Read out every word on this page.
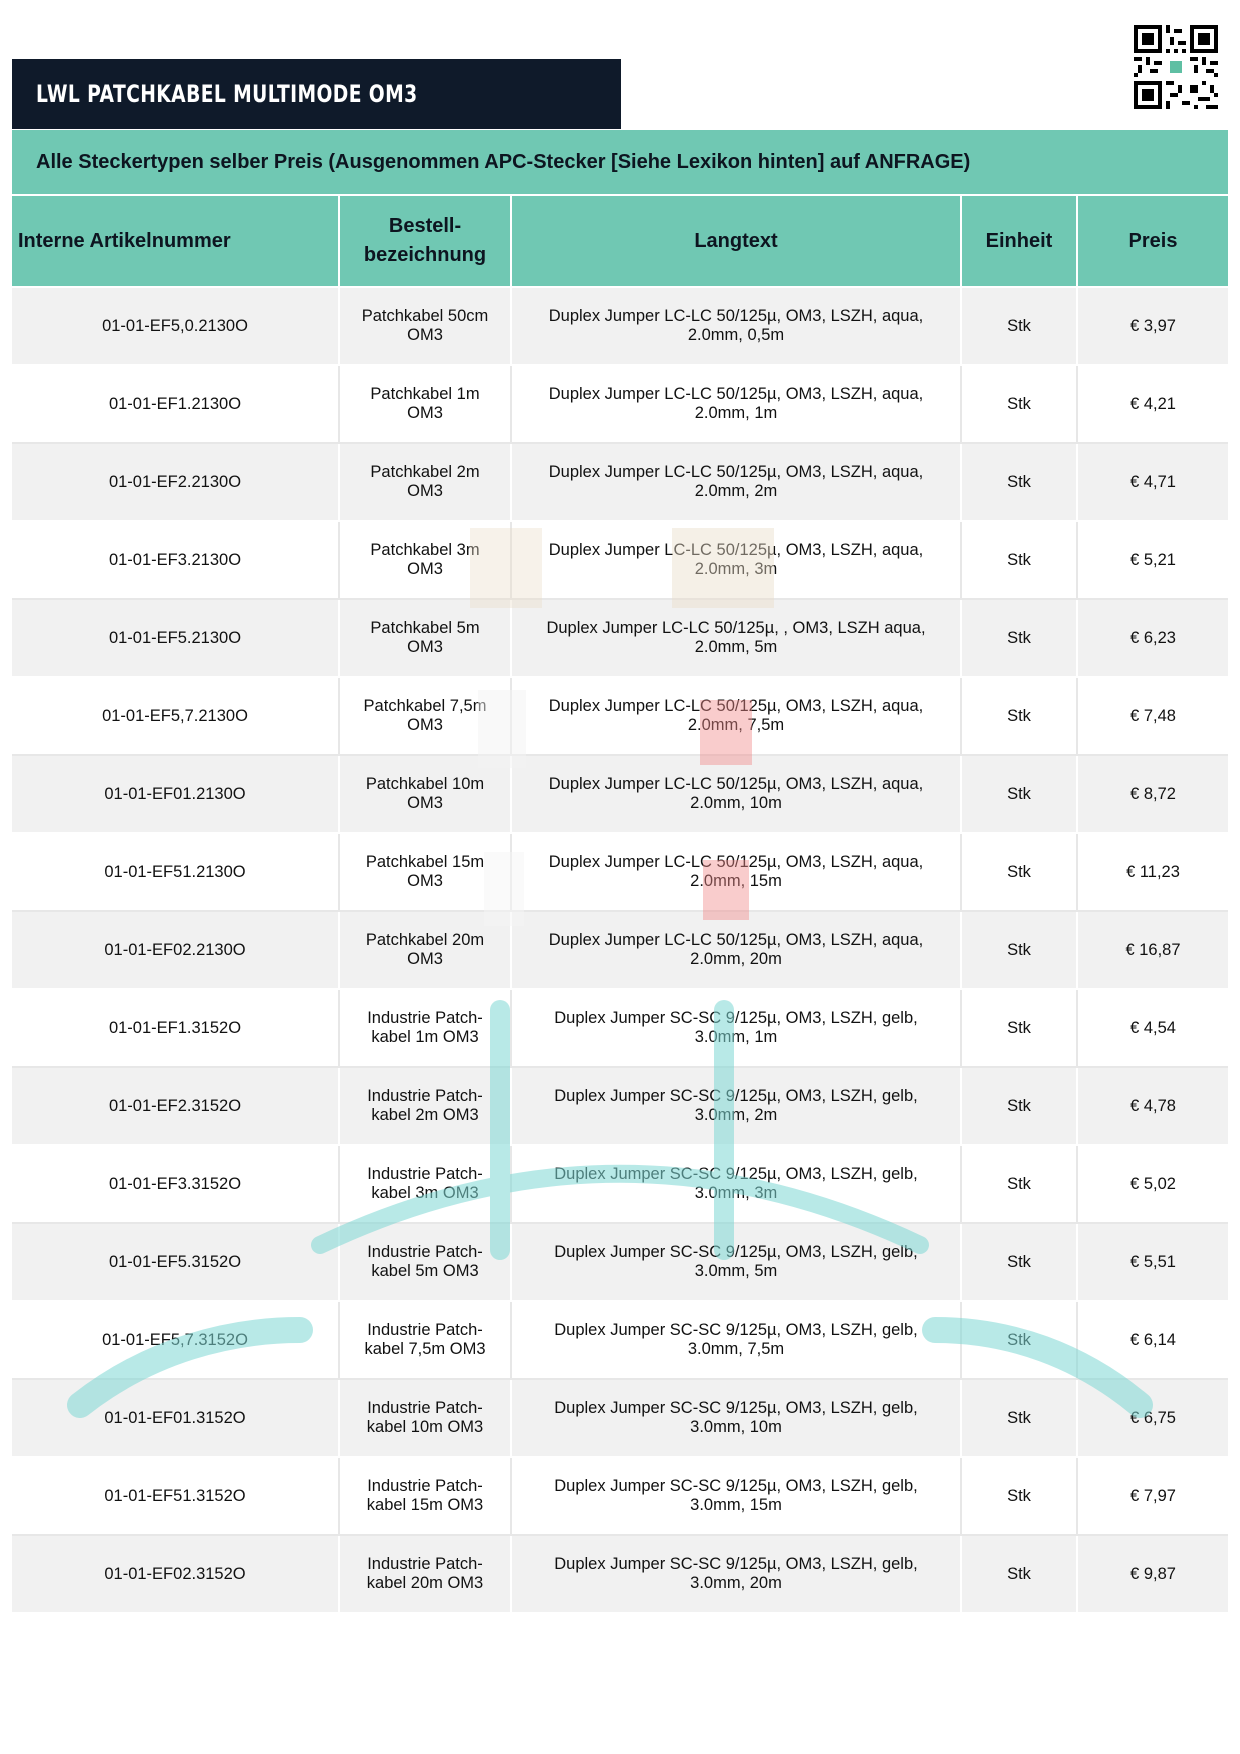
LWL PATCHKABEL MULTIMODE OM3
Alle Steckertypen selber Preis (Ausgenommen APC-Stecker [Siehe Lexikon hinten] auf ANFRAGE)
Interne Artikelnummer	Bestell-
bezeichnung	Langtext	Einheit	Preis
01-01-EF5,0.2130O	Patchkabel 50cm
OM3	Duplex Jumper LC-LC 50/125µ, OM3, LSZH, aqua,
2.0mm, 0,5m	Stk	€ 3,97
01-01-EF1.2130O	Patchkabel 1m
OM3	Duplex Jumper LC-LC 50/125µ, OM3, LSZH, aqua,
2.0mm, 1m	Stk	€ 4,21
01-01-EF2.2130O	Patchkabel 2m
OM3	Duplex Jumper LC-LC 50/125µ, OM3, LSZH, aqua,
2.0mm, 2m	Stk	€ 4,71
01-01-EF3.2130O	Patchkabel 3m
OM3	Duplex Jumper LC-LC 50/125µ, OM3, LSZH, aqua,
2.0mm, 3m	Stk	€ 5,21
01-01-EF5.2130O	Patchkabel 5m
OM3	Duplex Jumper LC-LC 50/125µ, , OM3, LSZH aqua,
2.0mm, 5m	Stk	€ 6,23
01-01-EF5,7.2130O	Patchkabel 7,5m
OM3	Duplex Jumper LC-LC 50/125µ, OM3, LSZH, aqua,
2.0mm, 7,5m	Stk	€ 7,48
01-01-EF01.2130O	Patchkabel 10m
OM3	Duplex Jumper LC-LC 50/125µ, OM3, LSZH, aqua,
2.0mm, 10m	Stk	€ 8,72
01-01-EF51.2130O	Patchkabel 15m
OM3	Duplex Jumper LC-LC 50/125µ, OM3, LSZH, aqua,
2.0mm, 15m	Stk	€ 11,23
01-01-EF02.2130O	Patchkabel 20m
OM3	Duplex Jumper LC-LC 50/125µ, OM3, LSZH, aqua,
2.0mm, 20m	Stk	€ 16,87
01-01-EF1.3152O	Industrie Patch-
kabel 1m OM3	Duplex Jumper SC-SC 9/125µ, OM3, LSZH, gelb,
3.0mm, 1m	Stk	€ 4,54
01-01-EF2.3152O	Industrie Patch-
kabel 2m OM3	Duplex Jumper SC-SC 9/125µ, OM3, LSZH, gelb,
3.0mm, 2m	Stk	€ 4,78
01-01-EF3.3152O	Industrie Patch-
kabel 3m OM3	Duplex Jumper SC-SC 9/125µ, OM3, LSZH, gelb,
3.0mm, 3m	Stk	€ 5,02
01-01-EF5.3152O	Industrie Patch-
kabel 5m OM3	Duplex Jumper SC-SC 9/125µ, OM3, LSZH, gelb,
3.0mm, 5m	Stk	€ 5,51
01-01-EF5,7.3152O	Industrie Patch-
kabel 7,5m OM3	Duplex Jumper SC-SC 9/125µ, OM3, LSZH, gelb,
3.0mm, 7,5m	Stk	€ 6,14
01-01-EF01.3152O	Industrie Patch-
kabel 10m OM3	Duplex Jumper SC-SC 9/125µ, OM3, LSZH, gelb,
3.0mm, 10m	Stk	€ 6,75
01-01-EF51.3152O	Industrie Patch-
kabel 15m OM3	Duplex Jumper SC-SC 9/125µ, OM3, LSZH, gelb,
3.0mm, 15m	Stk	€ 7,97
01-01-EF02.3152O	Industrie Patch-
kabel 20m OM3	Duplex Jumper SC-SC 9/125µ, OM3, LSZH, gelb,
3.0mm, 20m	Stk	€ 9,87
